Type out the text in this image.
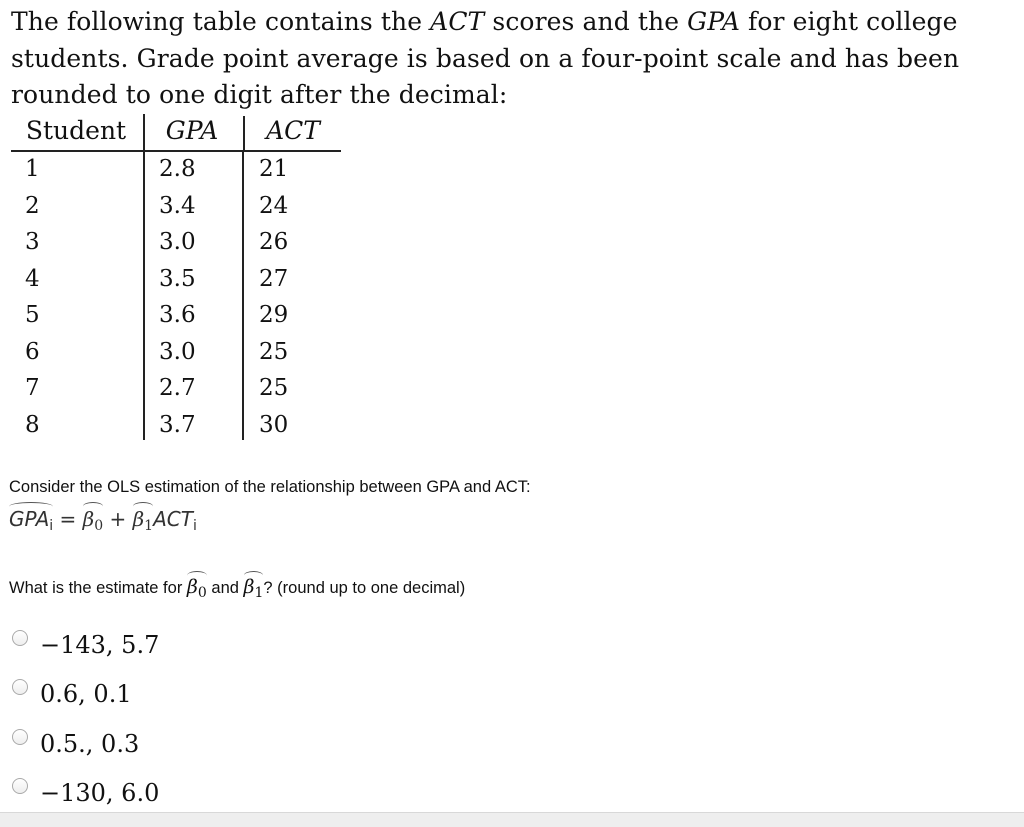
The following table contains the ACT scores and the GPA for eight college students. Grade point average is based on a four-point scale and has been rounded to one digit after the decimal:
Student	GPA	ACT
1	2.8	21
2	3.4	24
3	3.0	26
4	3.5	27
5	3.6	29
6	3.0	25
7	2.7	25
8	3.7	30
Consider the OLS estimation of the relationship between GPA and ACT:
$GPA_i = \beta_0 + \beta_1ACT_i$
What is the estimate for $\beta_0$ and $\beta_1$? (round up to one decimal)
−143, 5.7
0.6, 0.1
0.5., 0.3
−130, 6.0
